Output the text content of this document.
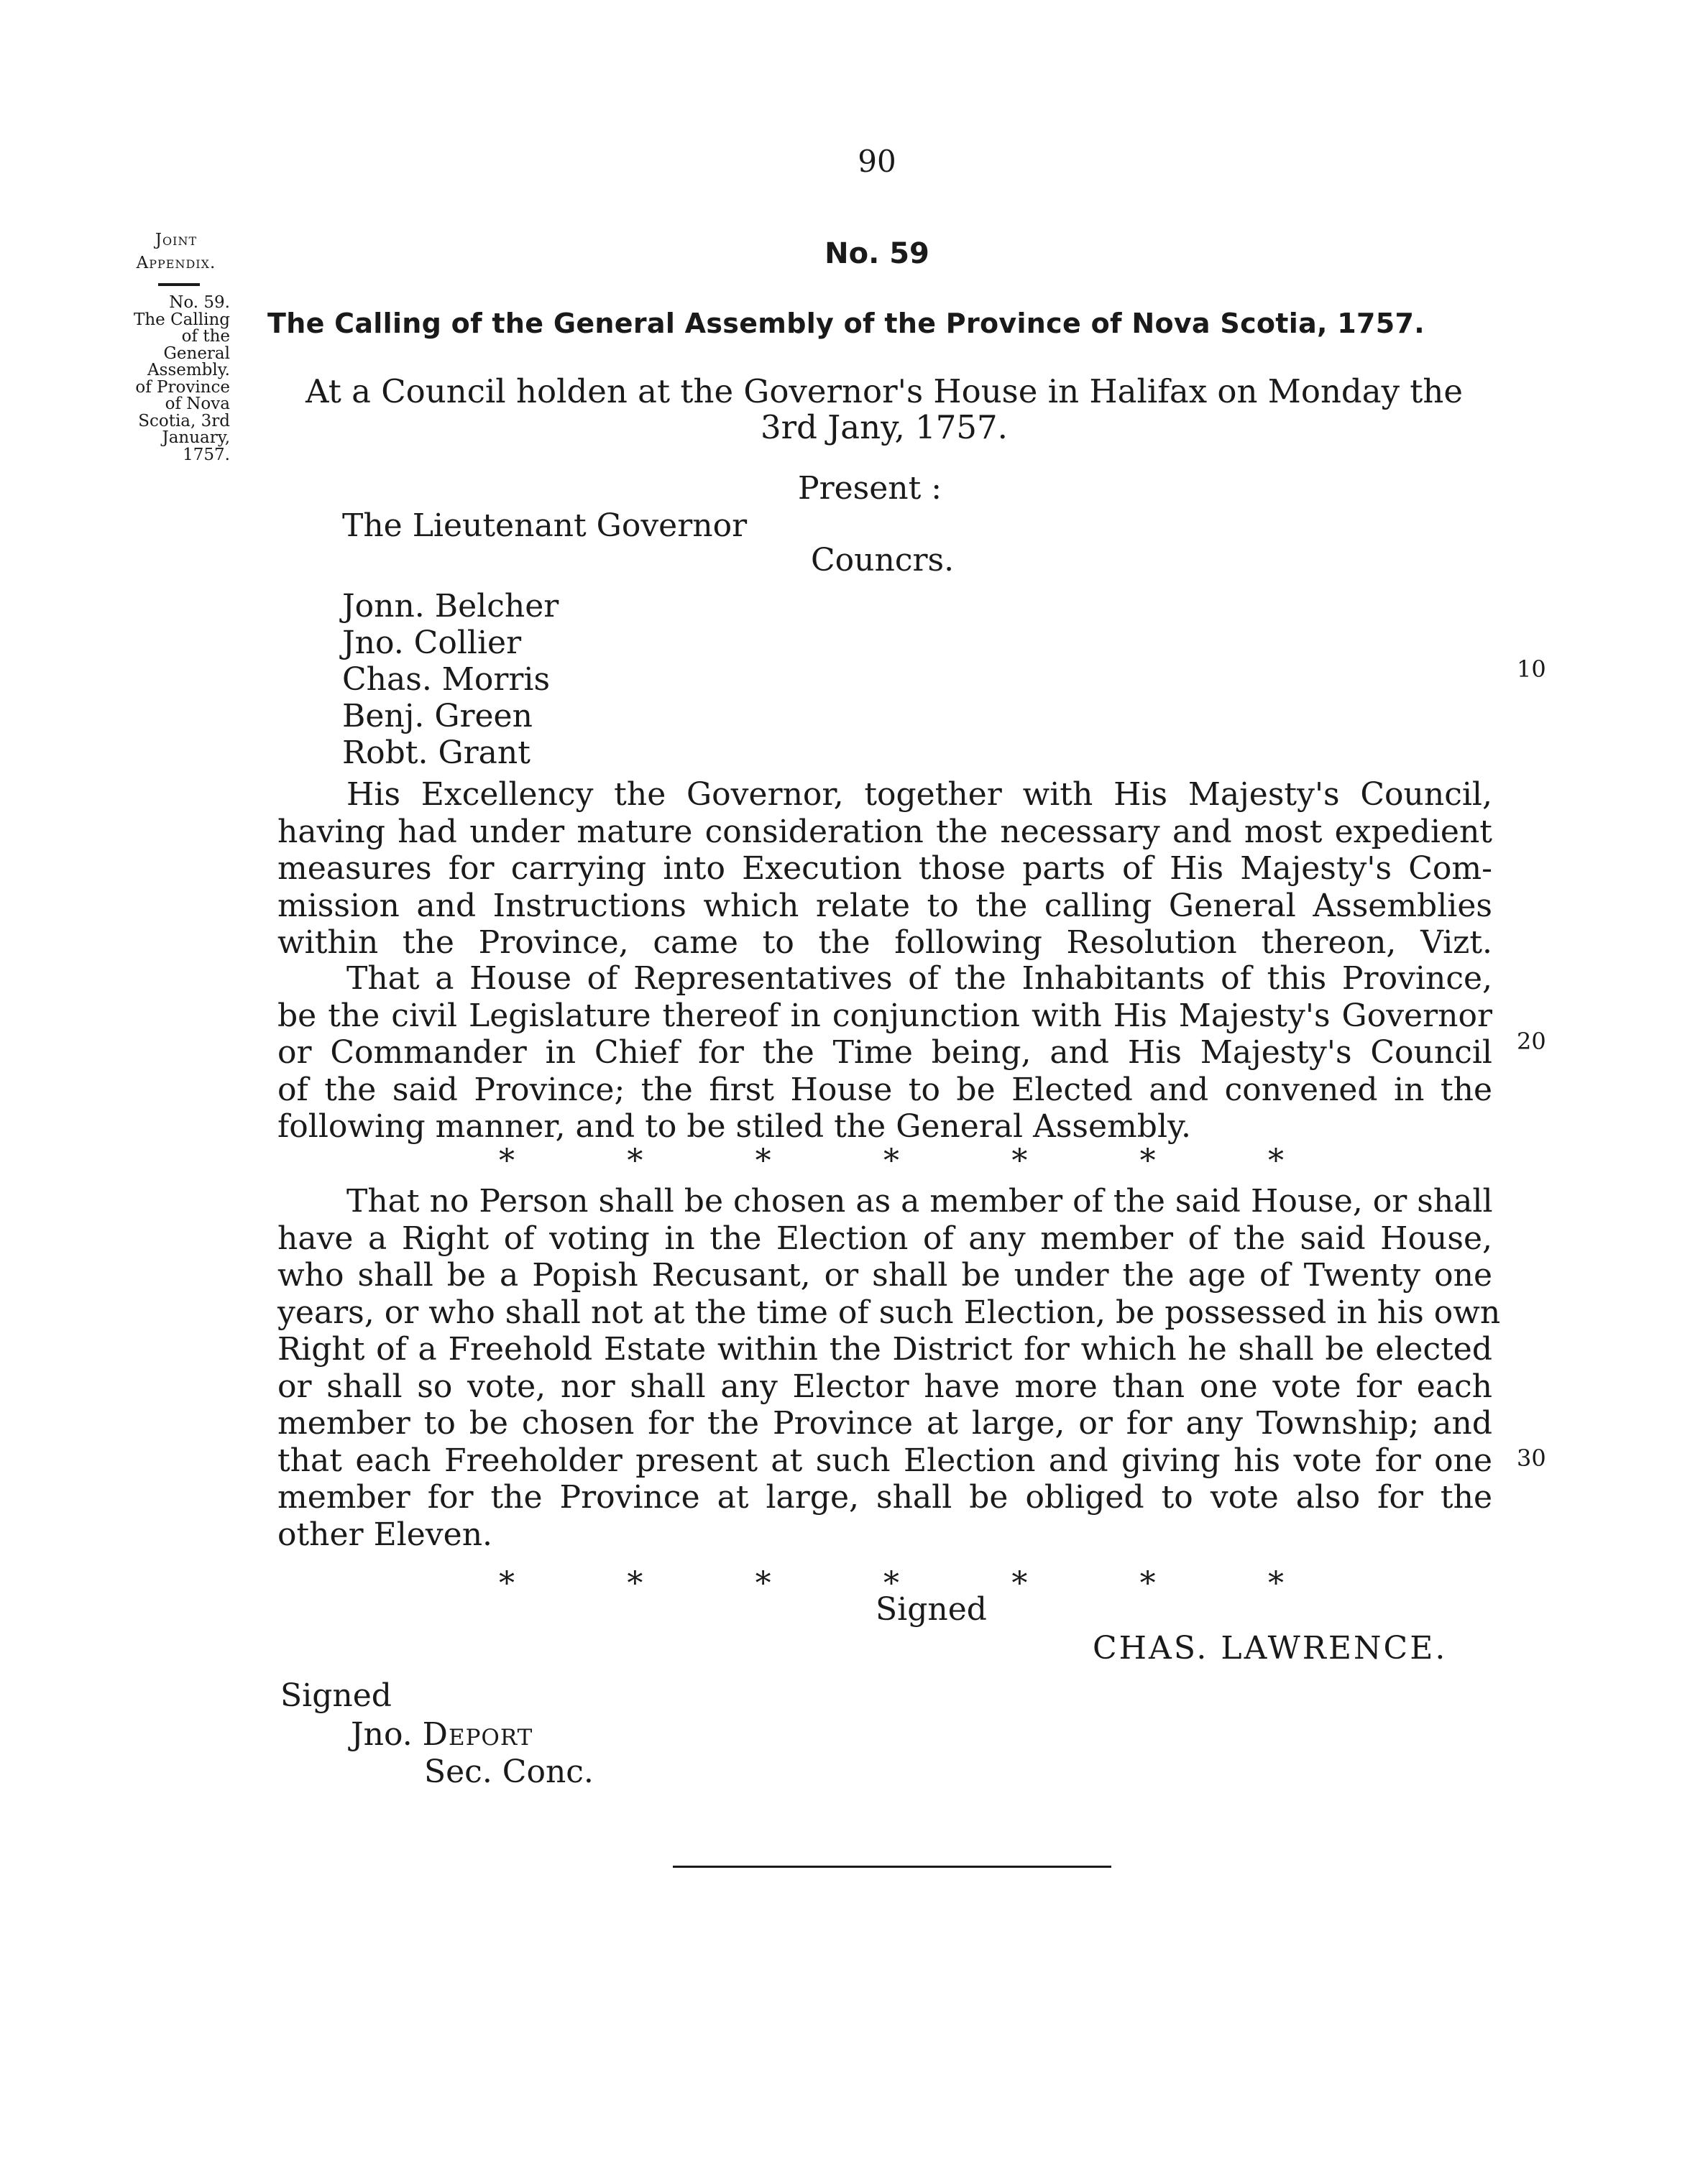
90
Joint
Appendix.
No. 59.
The Calling
of the
General
Assembly.
of Province
of Nova
Scotia, 3rd
January,
1757.
No. 59
The Calling of the General Assembly of the Province of Nova Scotia, 1757.
At a Council holden at the Governor's House in Halifax on Monday the
3rd Jany, 1757.
Present :
The Lieutenant Governor
Councrs.
Jonn. Belcher
Jno. Collier
Chas. Morris
Benj. Green
Robt. Grant
10
20
30
His Excellency the Governor, together with His Majesty's Council,
having had under mature consideration the necessary and most expedient
measures for carrying into Execution those parts of His Majesty's Com-
mission and Instructions which relate to the calling General Assemblies
within the Province, came to the following Resolution thereon, Vizt.
That a House of Representatives of the Inhabitants of this Province,
be the civil Legislature thereof in conjunction with His Majesty's Governor
or Commander in Chief for the Time being, and His Majesty's Council
of the said Province; the first House to be Elected and convened in the
following manner, and to be stiled the General Assembly.
*	*	*	*	*	*	*
That no Person shall be chosen as a member of the said House, or shall
have a Right of voting in the Election of any member of the said House,
who shall be a Popish Recusant, or shall be under the age of Twenty one
years, or who shall not at the time of such Election, be possessed in his own
Right of a Freehold Estate within the District for which he shall be elected
or shall so vote, nor shall any Elector have more than one vote for each
member to be chosen for the Province at large, or for any Township; and
that each Freeholder present at such Election and giving his vote for one
member for the Province at large, shall be obliged to vote also for the
other Eleven.
*	*	*	*	*	*	*
Signed
CHAS. LAWRENCE.
Signed
Jno. Deport
Sec. Conc.
